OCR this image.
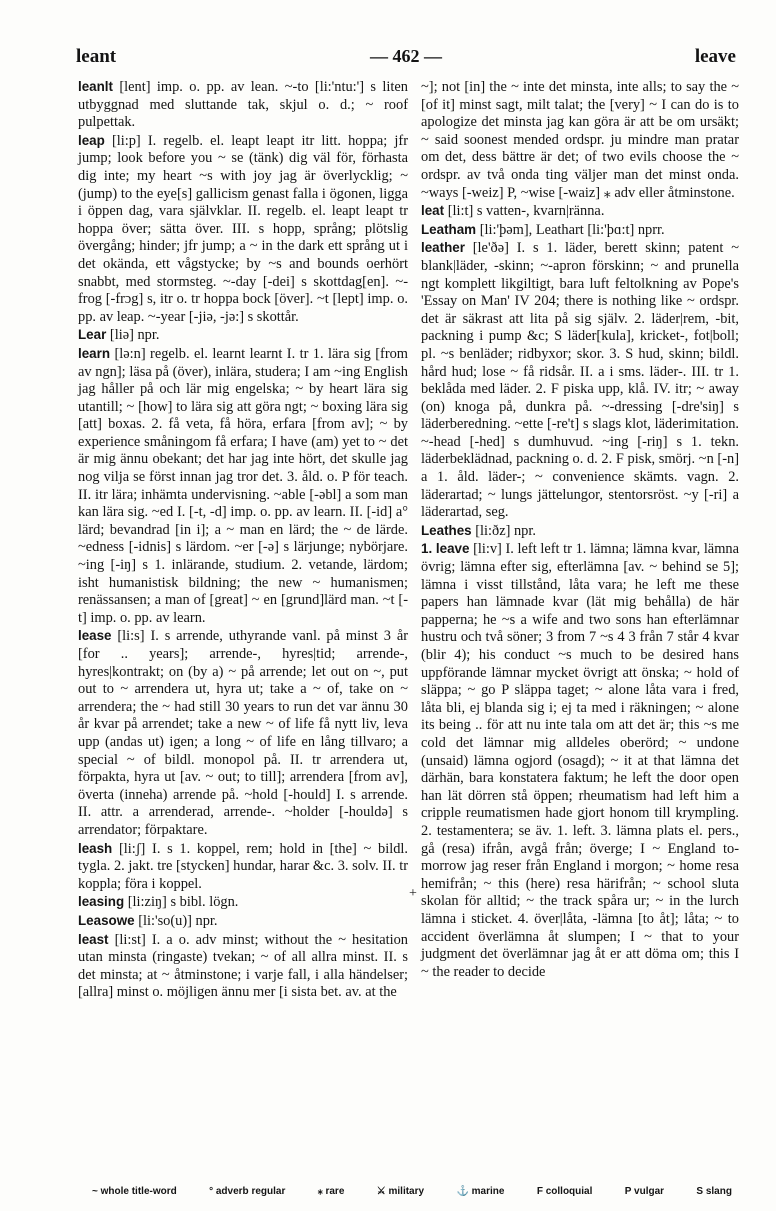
leant	— 462 —	leave

leanlt [lent] imp. o. pp. av lean. ~-to [li:'ntu:'] s liten utbyggnad med sluttande tak, skjul o. d.; ~ roof pulpettak.

leap [li:p] I. regelb. el. leapt leapt itr litt. hoppa; jfr jump; look before you ~ se (tänk) dig väl för, förhasta dig inte; my heart ~s with joy jag är överlycklig; ~ (jump) to the eye[s] gallicism genast falla i ögonen, ligga i öppen dag, vara självklar. II. regelb. el. leapt leapt tr hoppa över; sätta över. III. s hopp, språng; plötslig övergång; hinder; jfr jump; a ~ in the dark ett språng ut i det okända, ett vågstycke; by ~s and bounds oerhört snabbt, med stormsteg. ~-day [-dei] s skottdag[en]. ~-frog [-frɔg] s, itr o. tr hoppa bock [över]. ~t [lept] imp. o. pp. av leap. ~-year [-jiə, -jə:] s skottår.

Lear [liə] npr.

learn [lə:n] regelb. el. learnt learnt I. tr 1. lära sig [from av ngn]; läsa på (över), inlära, studera; I am ~ing English jag håller på och lär mig engelska; ~ by heart lära sig utantill; ~ [how] to lära sig att göra ngt; ~ boxing lära sig [att] boxas. 2. få veta, få höra, erfara [from av]; ~ by experience småningom få erfara; I have (am) yet to ~ det är mig ännu obekant; det har jag inte hört, det skulle jag nog vilja se först innan jag tror det. 3. åld. o. P för teach. II. itr lära; inhämta undervisning. ~able [-əbl] a som man kan lära sig. ~ed I. [-t, -d] imp. o. pp. av learn. II. [-id] a° lärd; bevandrad [in i]; a ~ man en lärd; the ~ de lärde. ~edness [-idnis] s lärdom. ~er [-ə] s lärjunge; nybörjare. ~ing [-iŋ] s 1. inlärande, studium. 2. vetande, lärdom; isht humanistisk bildning; the new ~ humanismen; renässansen; a man of [great] ~ en [grund]lärd man. ~t [-t] imp. o. pp. av learn.

lease [li:s] I. s arrende, uthyrande vanl. på minst 3 år [for .. years]; arrende-, hyres|tid; arrende-, hyres|kontrakt; on (by a) ~ på arrende; let out on ~, put out to ~ arrendera ut, hyra ut; take a ~ of, take on ~ arrendera; the ~ had still 30 years to run det var ännu 30 år kvar på arrendet; take a new ~ of life få nytt liv, leva upp (andas ut) igen; a long ~ of life en lång tillvaro; a special ~ of bildl. monopol på. II. tr arrendera ut, förpakta, hyra ut [av. ~ out; to till]; arrendera [from av], överta (inneha) arrende på. ~hold [-hould] I. s arrende. II. attr. a arrenderad, arrende-. ~holder [-houldə] s arrendator; förpaktare.

leash [li:ʃ] I. s 1. koppel, rem; hold in [the] ~ bildl. tygla. 2. jakt. tre [stycken] hundar, harar &c. 3. solv. II. tr koppla; föra i koppel.

leasing [li:ziŋ] s bibl. lögn.

Leasowe [li:'so(u)] npr.

least [li:st] I. a o. adv minst; without the ~ hesitation utan minsta (ringaste) tvekan; ~ of all allra minst. II. s det minsta; at ~ åtminstone; i varje fall, i alla händelser; [allra] minst o. möjligen ännu mer [i sista bet. av. at the

+

~]; not [in] the ~ inte det minsta, inte alls; to say the ~ [of it] minst sagt, milt talat; the [very] ~ I can do is to apologize det minsta jag kan göra är att be om ursäkt; ~ said soonest mended ordspr. ju mindre man pratar om det, dess bättre är det; of two evils choose the ~ ordspr. av två onda ting väljer man det minst onda. ~ways [-weiz] P, ~wise [-waiz] ⁎ adv eller åtminstone.

leat [li:t] s vatten-, kvarn|ränna.

Leatham [li:'þəm], Leathart [li:'þɑ:t] nprr.

leather [le'ðə] I. s 1. läder, berett skinn; patent ~ blank|läder, -skinn; ~-apron förskinn; ~ and prunella ngt komplett likgiltigt, bara luft feltolkning av Pope's 'Essay on Man' IV 204; there is nothing like ~ ordspr. det är säkrast att lita på sig själv. 2. läder|rem, -bit, packning i pump &c; S läder[kula], kricket-, fot|boll; pl. ~s benläder; ridbyxor; skor. 3. S hud, skinn; bildl. hård hud; lose ~ få ridsår. II. a i sms. läder-. III. tr 1. beklåda med läder. 2. F piska upp, klå. IV. itr; ~ away (on) knoga på, dunkra på. ~-dressing [-dre'siŋ] s läderberedning. ~ette [-re't] s slags klot, läderimitation. ~-head [-hed] s dumhuvud. ~ing [-riŋ] s 1. tekn. läderbeklädnad, packning o. d. 2. F pisk, smörj. ~n [-n] a 1. åld. läder-; ~ convenience skämts. vagn. 2. läderartad; ~ lungs jättelungor, stentorsröst. ~y [-ri] a läderartad, seg.

Leathes [li:ðz] npr.

1. leave [li:v] I. left left tr 1. lämna; lämna kvar, lämna övrig; lämna efter sig, efterlämna [av. ~ behind se 5]; lämna i visst tillstånd, låta vara; he left me these papers han lämnade kvar (lät mig behålla) de här papperna; he ~s a wife and two sons han efterlämnar hustru och två söner; 3 from 7 ~s 4 3 från 7 står 4 kvar (blir 4); his conduct ~s much to be desired hans uppförande lämnar mycket övrigt att önska; ~ hold of släppa; ~ go P släppa taget; ~ alone låta vara i fred, låta bli, ej blanda sig i; ej ta med i räkningen; ~ alone its being .. för att nu inte tala om att det är; this ~s me cold det lämnar mig alldeles oberörd; ~ undone (unsaid) lämna ogjord (osagd); ~ it at that lämna det därhän, bara konstatera faktum; he left the door open han lät dörren stå öppen; rheumatism had left him a cripple reumatismen hade gjort honom till krympling. 2. testamentera; se äv. 1. left. 3. lämna plats el. pers., gå (resa) ifrån, avgå från; överge; I ~ England to-morrow jag reser från England i morgon; ~ home resa hemifrån; ~ this (here) resa härifrån; ~ school sluta skolan för alltid; ~ the track spåra ur; ~ in the lurch lämna i sticket. 4. över|låta, -lämna [to åt]; låta; ~ to accident överlämna åt slumpen; I ~ that to your judgment det överlämnar jag åt er att döma om; this I ~ the reader to decide

~ whole title-word	° adverb regular	⁎ rare	⚔ military	⚓ marine	F colloquial	P vulgar	S slang
